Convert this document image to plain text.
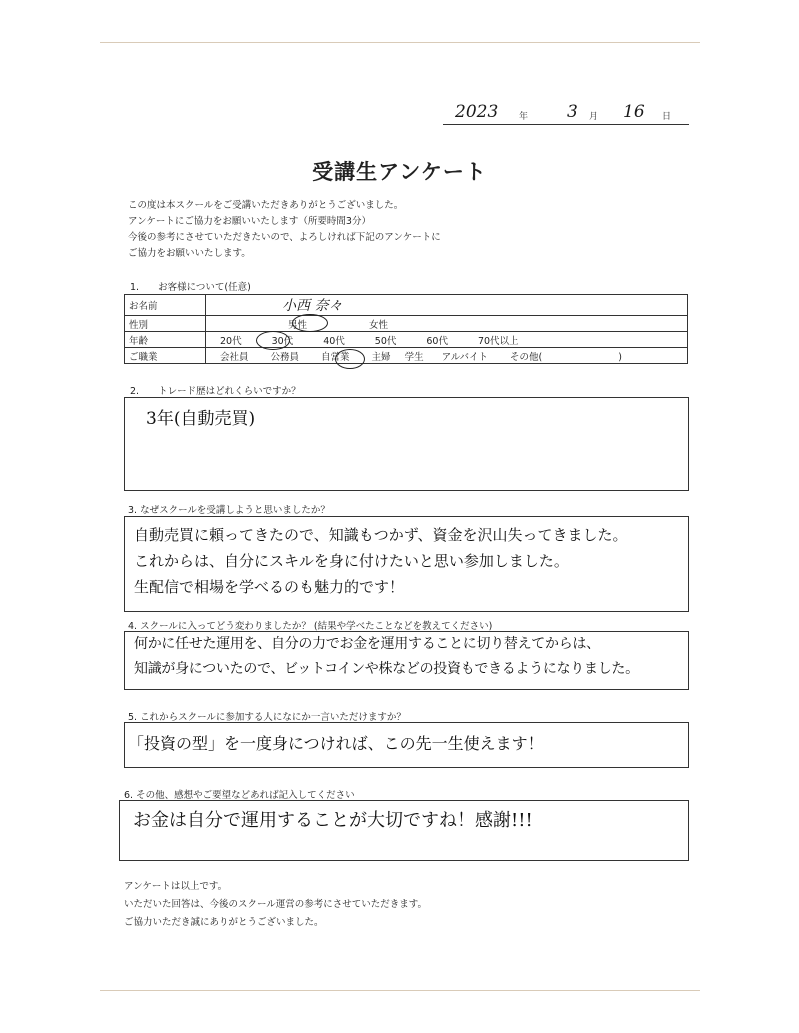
2023 年 3 月 16 日
受講生アンケート
この度は本スクールをご受講いただきありがとうございました。
アンケートにご協力をお願いいたします（所要時間3分）
今後の参考にさせていただきたいので、よろしければ下記のアンケートに
ご協力をお願いいたします。
1.　　お客様について(任意)
お名前	小西 奈々
性別	男性 女性
年齢	20代 30代 40代 50代 60代 70代以上
ご職業	会社員 公務員 自営業 主婦 学生 アルバイト その他(　　　　　　　　)
2.　　トレード歴はどれくらいですか？
3年(自動売買)
3. なぜスクールを受講しようと思いましたか？
自動売買に頼ってきたので、知識もつかず、資金を沢山失ってきました。
これからは、自分にスキルを身に付けたいと思い参加しました。
生配信で相場を学べるのも魅力的です！
4. スクールに入ってどう変わりましたか？ (結果や学べたことなどを教えてください)
何かに任せた運用を、自分の力でお金を運用することに切り替えてからは、
知識が身についたので、ビットコインや株などの投資もできるようになりました。
5. これからスクールに参加する人になにか一言いただけますか？
「投資の型」を一度身につければ、この先一生使えます！
6. その他、感想やご要望などあれば記入してください
お金は自分で運用することが大切ですね！感謝!!!
アンケートは以上です。
いただいた回答は、今後のスクール運営の参考にさせていただきます。
ご協力いただき誠にありがとうございました。
